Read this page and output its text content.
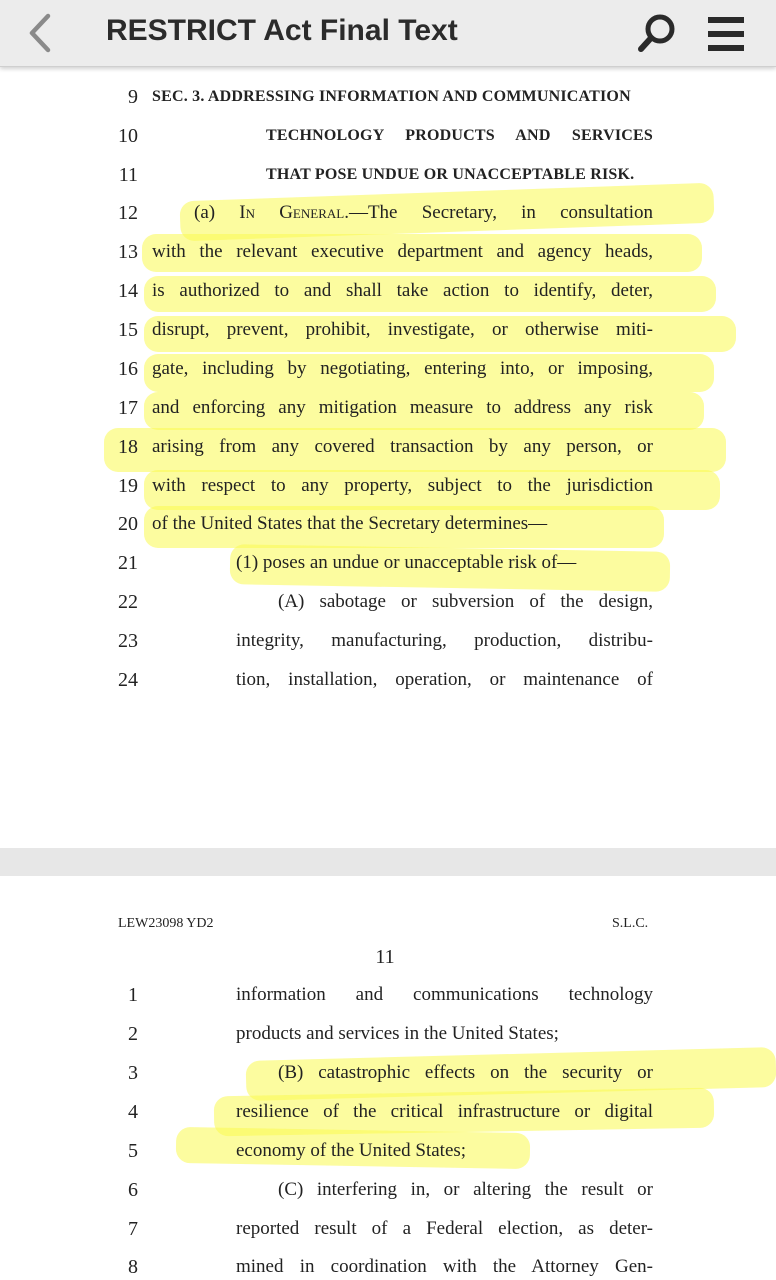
RESTRICT Act Final Text
9 SEC. 3. ADDRESSING INFORMATION AND COMMUNICATION
10	TECHNOLOGY PRODUCTS AND SERVICES
11	THAT POSE UNDUE OR UNACCEPTABLE RISK.
12	(a) In General.—The Secretary, in consultation
13 with the relevant executive department and agency heads,
14 is authorized to and shall take action to identify, deter,
15 disrupt, prevent, prohibit, investigate, or otherwise miti-
16 gate, including by negotiating, entering into, or imposing,
17 and enforcing any mitigation measure to address any risk
18 arising from any covered transaction by any person, or
19 with respect to any property, subject to the jurisdiction
20 of the United States that the Secretary determines—
21	(1) poses an undue or unacceptable risk of—
22	(A) sabotage or subversion of the design,
23	integrity, manufacturing, production, distribu-
24	tion, installation, operation, or maintenance of
LEW23098 YD2	S.L.C.
11
1	information and communications technology
2	products and services in the United States;
3	(B) catastrophic effects on the security or
4	resilience of the critical infrastructure or digital
5	economy of the United States;
6	(C) interfering in, or altering the result or
7	reported result of a Federal election, as deter-
8	mined in coordination with the Attorney Gen-
